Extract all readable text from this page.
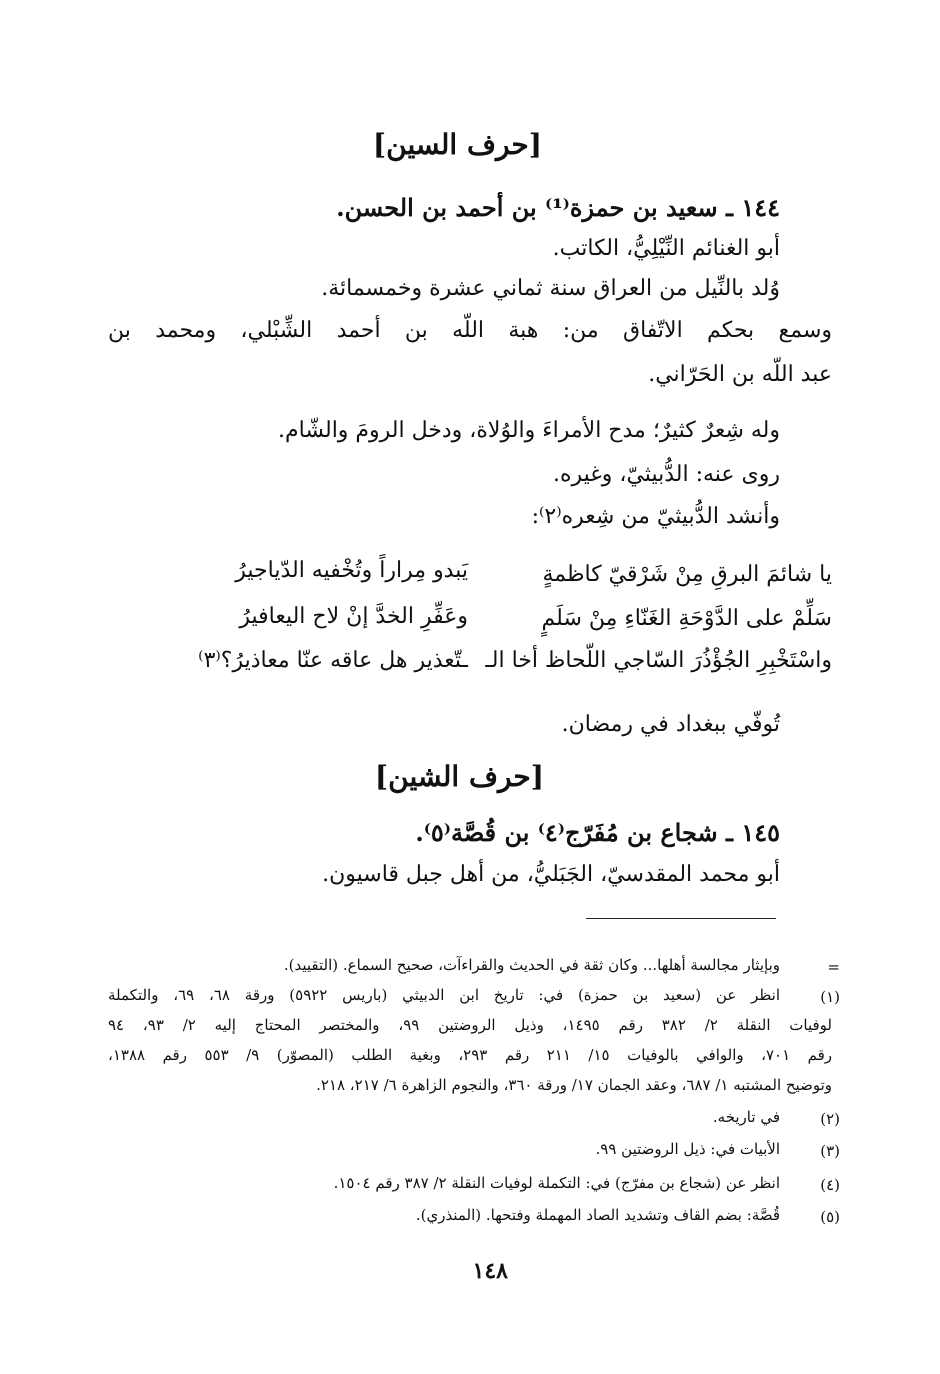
[حرف السين]
١٤٤ ـ سعيد بن حمزة⁽¹⁾ بن أحمد بن الحسن.
أبو الغنائم النِّيْلِيُّ، الكاتب.
وُلد بالنِّيل من العراق سنة ثماني عشرة وخمسمائة.
وسمع بحكم الاتّفاق من: هبة اللّه بن أحمد الشِّبْلي، ومحمد بن
عبد اللّه بن الحَرّاني.
وله شِعرٌ كثيرٌ؛ مدح الأمراءَ والوُلاة، ودخل الرومَ والشّام.
روى عنه: الدُّبيثيّ، وغيره.
وأنشد الدُّبيثيّ من شِعره⁽٢⁾:
يا شائمَ البرقِ مِنْ شَرْقيّ كاظمةٍ
يَبدو مِراراً وتُخْفيه الدّياجيرُ
سَلِّمْ على الدَّوْحَةِ الغَنّاءِ مِنْ سَلَمٍ
وعَفِّرِ الخدَّ إنْ لاح اليعافيرُ
واسْتَخْبِرِ الجُؤْذُرَ السّاجي اللّحاظ أخا الـ
ـتّعذير هل عاقه عنّا معاذيرُ؟⁽٣⁾
تُوفّي ببغداد في رمضان.
[حرف الشين]
١٤٥ ـ شجاع بن مُفَرّج⁽٤⁾ بن قُصَّة⁽٥⁾.
أبو محمد المقدسيّ، الجَبَليُّ، من أهل جبل قاسيون.
=
وبإيثار مجالسة أهلها... وكان ثقة في الحديث والقراءآت، صحيح السماع. (التقييد).
(١)
انظر عن (سعيد بن حمزة) في: تاريخ ابن الدبيثي (باريس ٥٩٢٢) ورقة ٦٨، ٦٩، والتكملة
لوفيات النقلة ٢/ ٣٨٢ رقم ١٤٩٥، وذيل الروضتين ٩٩، والمختصر المحتاج إليه ٢/ ٩٣، ٩٤
رقم ٧٠١، والوافي بالوفيات ١٥/ ٢١١ رقم ٢٩٣، وبغية الطلب (المصوّر) ٩/ ٥٥٣ رقم ١٣٨٨،
وتوضيح المشتبه ١/ ٦٨٧، وعقد الجمان ١٧/ ورقة ٣٦٠، والنجوم الزاهرة ٦/ ٢١٧، ٢١٨.
(٢)
في تاريخه.
(٣)
الأبيات في: ذيل الروضتين ٩٩.
(٤)
انظر عن (شجاع بن مفرّج) في: التكملة لوفيات النقلة ٢/ ٣٨٧ رقم ١٥٠٤.
(٥)
قُصَّة: بضم القاف وتشديد الصاد المهملة وفتحها. (المنذري).
١٤٨
